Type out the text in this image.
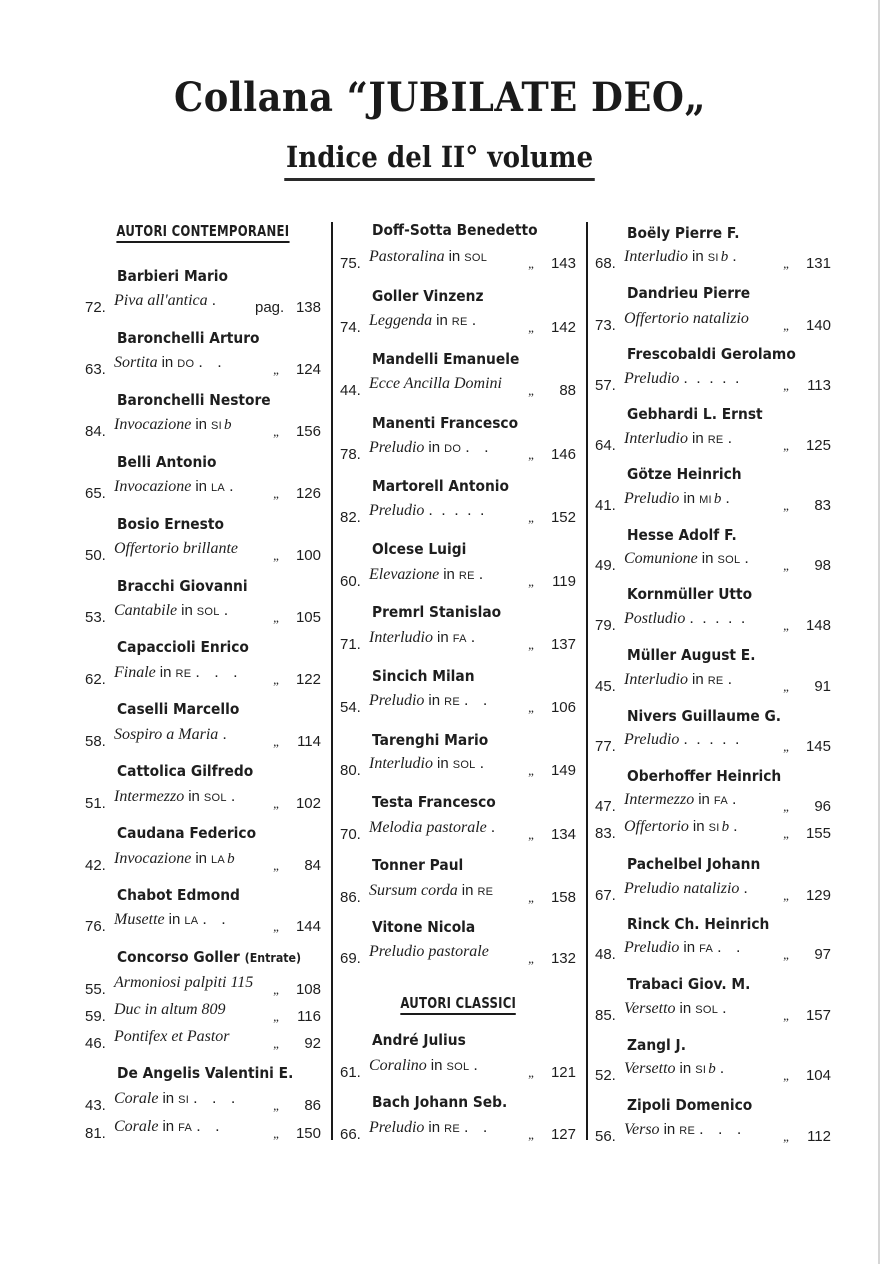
Collana “JUBILATE DEO„
Indice del II° volume
AUTORI CONTEMPORANEI
Barbieri Mario
72. Piva all'antica . pag. 138
Baronchelli Arturo
63. Sortita in DO . .	„	124
Baronchelli Nestore
84. Invocazione in SI b	„	156
Belli Antonio
65. Invocazione in LA .	„	126
Bosio Ernesto
50. Offertorio brillante	„	100
Bracchi Giovanni
53. Cantabile in SOL .	„	105
Capaccioli Enrico
62. Finale in RE . . .	„	122
Caselli Marcello
58. Sospiro a Maria .	„	114
Cattolica Gilfredo
51. Intermezzo in SOL .	„	102
Caudana Federico
42. Invocazione in LA b	„	84
Chabot Edmond
76. Musette in LA . .	„	144
Concorso Goller (Entrate)
55. Armoniosi palpiti 115	„	108
59. Duc in altum 809	„	116
46. Pontifex et Pastor	„	92
De Angelis Valentini E.
43. Corale in SI . . .	„	86
81. Corale in FA . .	„	150
Doff-Sotta Benedetto
75. Pastoralina in SOL	„	143
Goller Vinzenz
74. Leggenda in RE .	„	142
Mandelli Emanuele
44. Ecce Ancilla Domini	„	88
Manenti Francesco
78. Preludio in DO . .	„	146
Martorell Antonio
82. Preludio . . . . .	„	152
Olcese Luigi
60. Elevazione in RE .	„	119
Premrl Stanislao
71. Interludio in FA .	„	137
Sincich Milan
54. Preludio in RE . .	„	106
Tarenghi Mario
80. Interludio in SOL .	„	149
Testa Francesco
70. Melodia pastorale .	„	134
Tonner Paul
86. Sursum corda in RE	„	158
Vitone Nicola
69. Preludio pastorale	„	132
AUTORI CLASSICI
André Julius
61. Coralino in SOL .	„	121
Bach Johann Seb.
66. Preludio in RE . .	„	127
Boëly Pierre F.
68. Interludio in SI b .	„	131
Dandrieu Pierre
73. Offertorio natalizio	„	140
Frescobaldi Gerolamo
57. Preludio . . . . .	„	113
Gebhardi L. Ernst
64. Interludio in RE .	„	125
Götze Heinrich
41. Preludio in MI b .	„	83
Hesse Adolf F.
49. Comunione in SOL .	„	98
Kornmüller Utto
79. Postludio . . . . .	„	148
Müller August E.
45. Interludio in RE .	„	91
Nivers Guillaume G.
77. Preludio . . . . .	„	145
Oberhoffer Heinrich
47. Intermezzo in FA .	„	96
83. Offertorio in SI b .	„	155
Pachelbel Johann
67. Preludio natalizio .	„	129
Rinck Ch. Heinrich
48. Preludio in FA . .	„	97
Trabaci Giov. M.
85. Versetto in SOL .	„	157
Zangl J.
52. Versetto in SI b .	„	104
Zipoli Domenico
56. Verso in RE . . .	„	112
